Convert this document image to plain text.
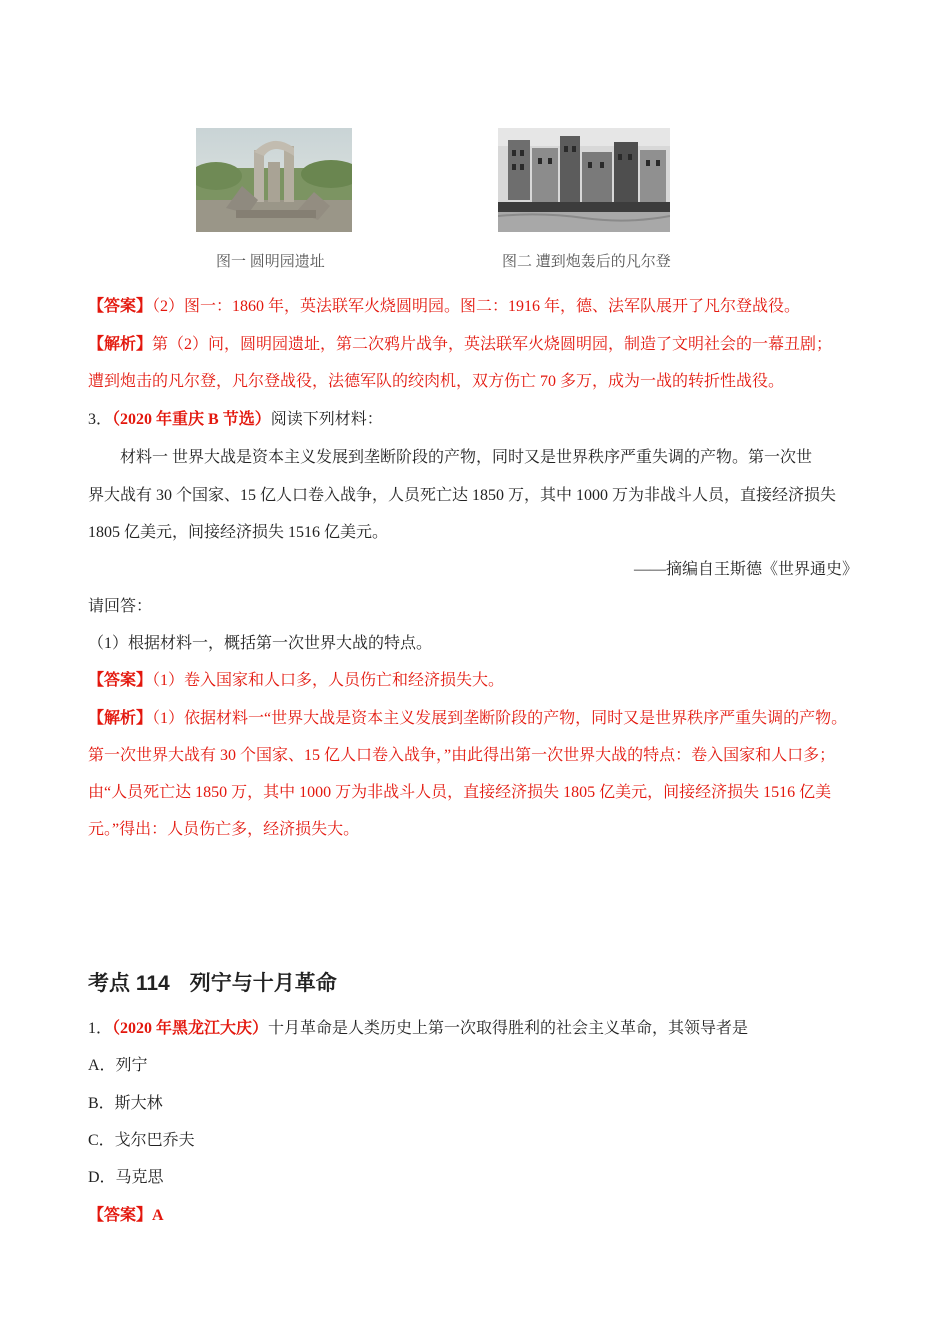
图一 圆明园遗址	图二 遭到炮轰后的凡尔登
【答案】（2）图一：1860 年，英法联军火烧圆明园。图二：1916 年，德、法军队展开了凡尔登战役。
【解析】第（2）问，圆明园遗址，第二次鸦片战争，英法联军火烧圆明园，制造了文明社会的一幕丑剧；
遭到炮击的凡尔登，凡尔登战役，法德军队的绞肉机，双方伤亡 70 多万，成为一战的转折性战役。
3．（2020 年重庆 B 节选）阅读下列材料：
材料一 世界大战是资本主义发展到垄断阶段的产物，同时又是世界秩序严重失调的产物。第一次世
界大战有 30 个国家、15 亿人口卷入战争，人员死亡达 1850 万，其中 1000 万为非战斗人员，直接经济损失
1805 亿美元，间接经济损失 1516 亿美元。
——摘编自王斯德《世界通史》
请回答：
（1）根据材料一，概括第一次世界大战的特点。
【答案】（1）卷入国家和人口多，人员伤亡和经济损失大。
【解析】（1）依据材料一“世界大战是资本主义发展到垄断阶段的产物，同时又是世界秩序严重失调的产物。
第一次世界大战有 30 个国家、15 亿人口卷入战争，”由此得出第一次世界大战的特点：卷入国家和人口多；
由“人员死亡达 1850 万，其中 1000 万为非战斗人员，直接经济损失 1805 亿美元，间接经济损失 1516 亿美
元。”得出：人员伤亡多，经济损失大。
考点 114 列宁与十月革命
1．（2020 年黑龙江大庆）十月革命是人类历史上第一次取得胜利的社会主义革命，其领导者是
A．列宁
B．斯大林
C．戈尔巴乔夫
D．马克思
【答案】A
